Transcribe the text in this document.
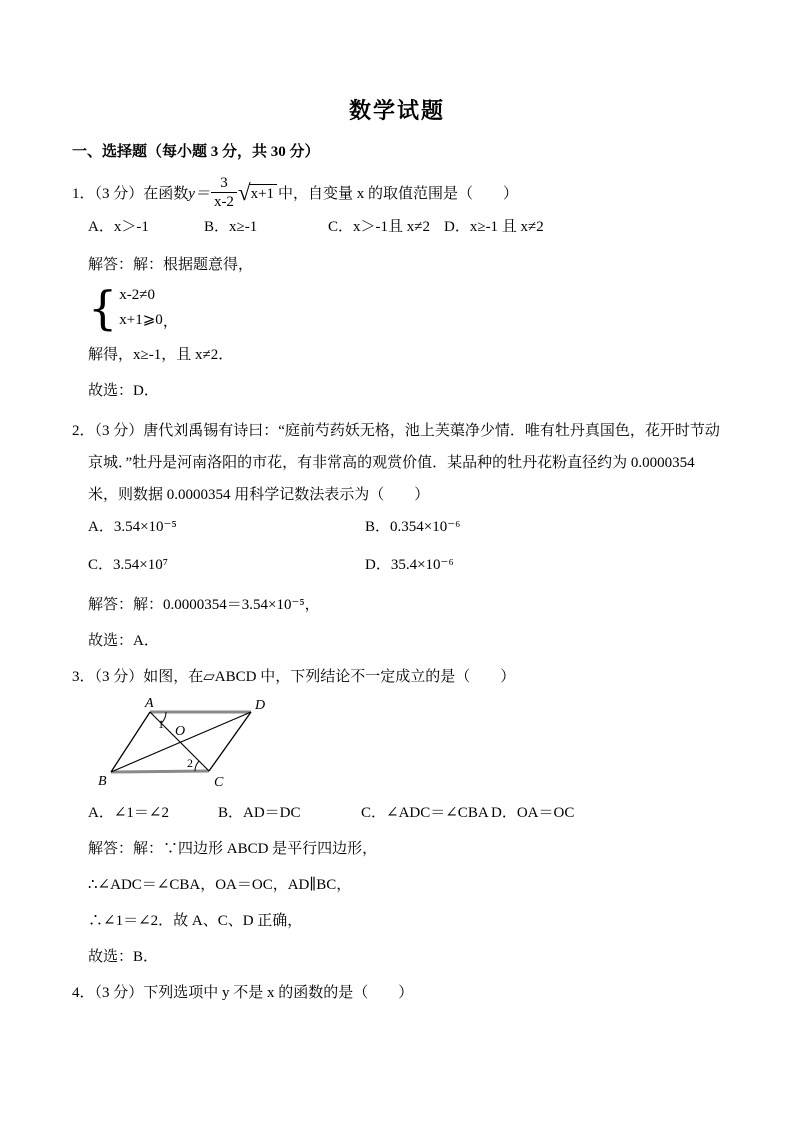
数学试题
一、选择题（每小题 3 分，共 30 分）
1．（3 分）在函数 $y= \frac{3}{x-2}$ √ x+1 中，自变量 x 的取值范围是（　　）
A．x＞-1	B．x≥-1	C．x＞-1且 x≠2 D．x≥-1 且 x≠2
解答：解：根据题意得，
{ x-2≠0
x+1⩾0 ，
解得，x≥-1，且 x≠2．
故选：D．
2．（3 分）唐代刘禹锡有诗曰：“庭前芍药妖无格，池上芙蕖净少情．唯有牡丹真国色，花开时节动京城．”牡丹是河南洛阳的市花，有非常高的观赏价值．某品种的牡丹花粉直径约为 0.0000354 米，则数据 0.0000354 用科学记数法表示为（　　）
A．3.54×10⁻⁵	B．0.354×10⁻⁶
C．3.54×10⁷	D．35.4×10⁻⁶
解答：解：0.0000354＝3.54×10⁻⁵，
故选：A．
3．（3 分）如图，在▱ABCD 中，下列结论不一定成立的是（　　）
A	D
B	C
O
1
2
A．∠1＝∠2	B．AD＝DC	C．∠ADC＝∠CBA D．OA＝OC
解答：解：∵四边形 ABCD 是平行四边形，
∴∠ADC＝∠CBA，OA＝OC，AD∥BC，
∴∠1＝∠2．故 A、C、D 正确，
故选：B．
4．（3 分）下列选项中 y 不是 x 的函数的是（　　）
